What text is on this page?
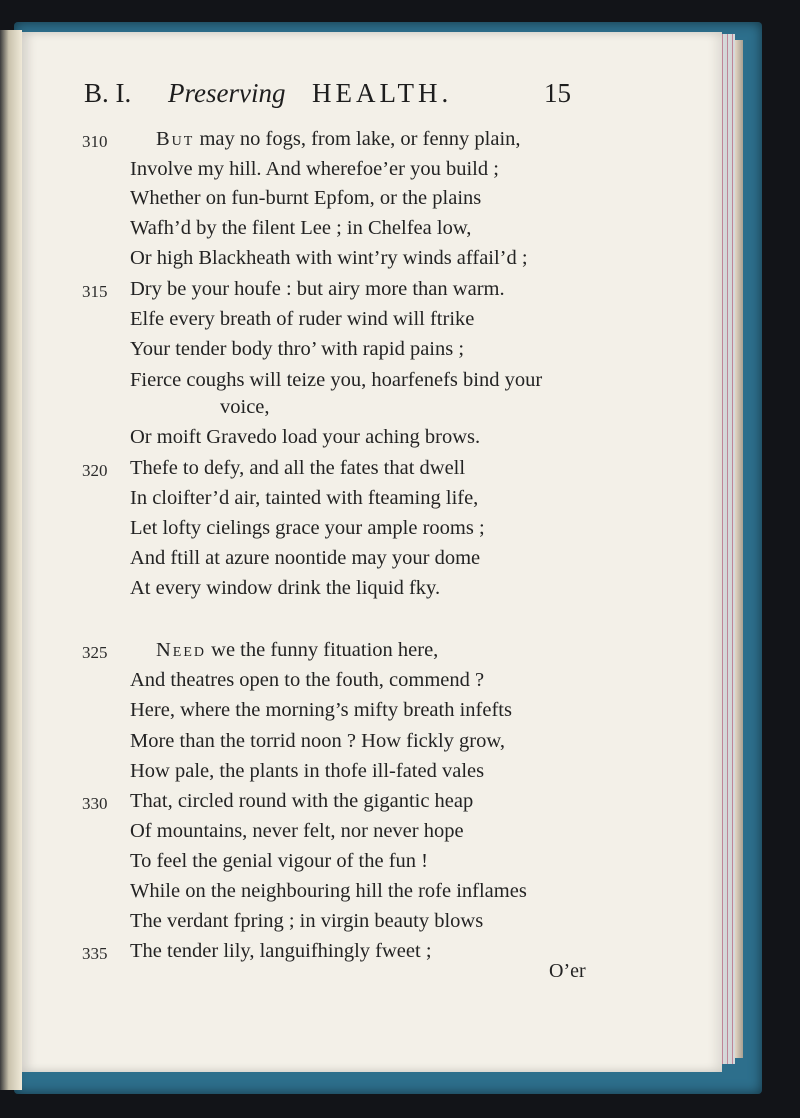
B. I. Preserving HEALTH.	15
310 But may no fogs, from lake, or fenny plain,
Involve my hill. And wherefoe’er you build ;
Whether on fun-burnt Epfom, or the plains
Wafh’d by the filent Lee ; in Chelfea low,
Or high Blackheath with wint’ry winds affail’d ;
315 Dry be your houfe : but airy more than warm.
Elfe every breath of ruder wind will ftrike
Your tender body thro’ with rapid pains ;
Fierce coughs will teize you, hoarfenefs bind your
voice,
Or moift Gravedo load your aching brows.
320 Thefe to defy, and all the fates that dwell
In cloifter’d air, tainted with fteaming life,
Let lofty cielings grace your ample rooms ;
And ftill at azure noontide may your dome
At every window drink the liquid fky.
325 Need we the funny fituation here,
And theatres open to the fouth, commend ?
Here, where the morning’s mifty breath infefts
More than the torrid noon ? How fickly grow,
How pale, the plants in thofe ill-fated vales
330 That, circled round with the gigantic heap
Of mountains, never felt, nor never hope
To feel the genial vigour of the fun !
While on the neighbouring hill the rofe inflames
The verdant fpring ; in virgin beauty blows
335 The tender lily, languifhingly fweet ;
O’er
